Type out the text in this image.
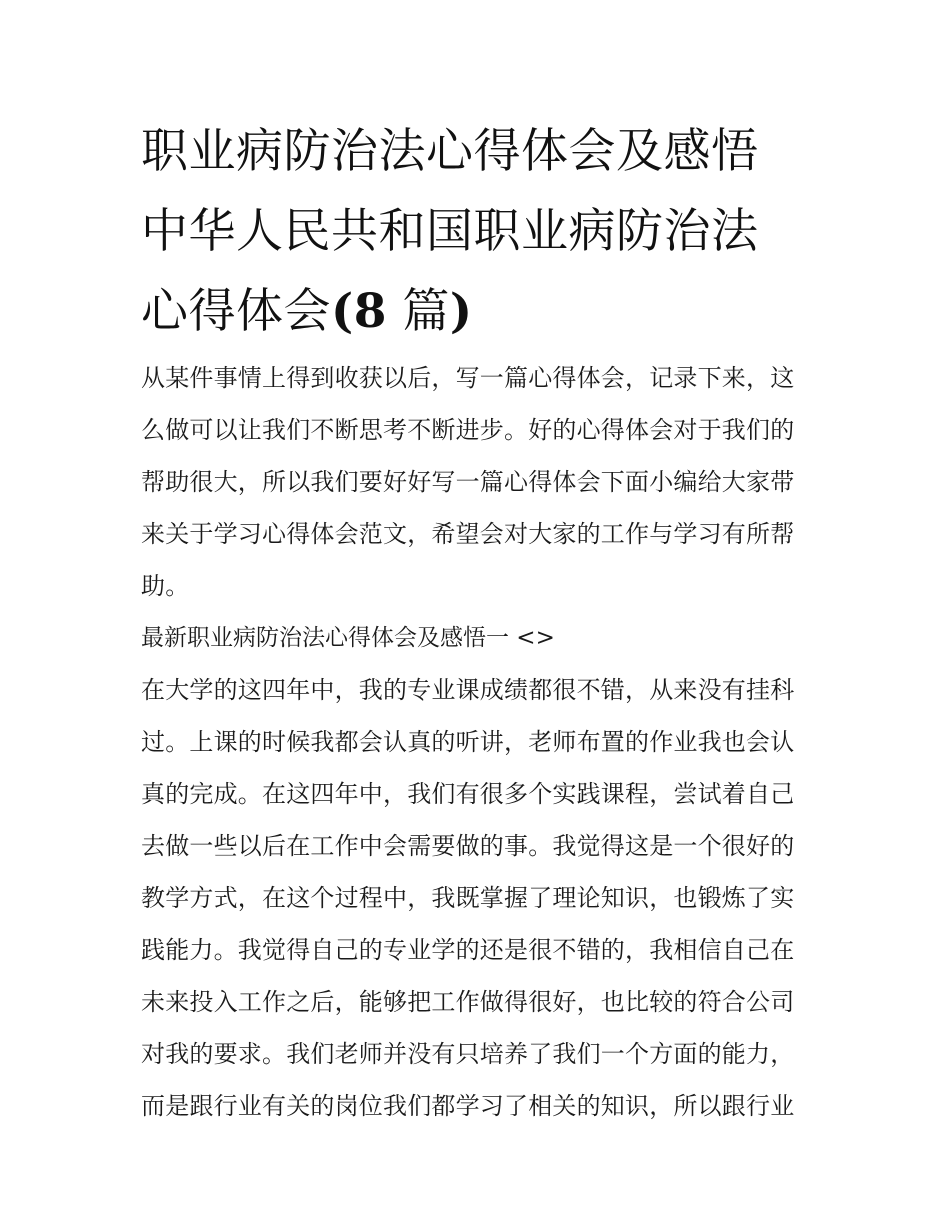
职业病防治法心得体会及感悟
中华人民共和国职业病防治法
心得体会(8 篇)

从某件事情上得到收获以后，写一篇心得体会，记录下来，这
么做可以让我们不断思考不断进步。好的心得体会对于我们的
帮助很大，所以我们要好好写一篇心得体会下面小编给大家带
来关于学习心得体会范文，希望会对大家的工作与学习有所帮
助。

最新职业病防治法心得体会及感悟一 <>

在大学的这四年中，我的专业课成绩都很不错，从来没有挂科
过。上课的时候我都会认真的听讲，老师布置的作业我也会认
真的完成。在这四年中，我们有很多个实践课程，尝试着自己
去做一些以后在工作中会需要做的事。我觉得这是一个很好的
教学方式，在这个过程中，我既掌握了理论知识，也锻炼了实
践能力。我觉得自己的专业学的还是很不错的，我相信自己在
未来投入工作之后，能够把工作做得很好，也比较的符合公司
对我的要求。我们老师并没有只培养了我们一个方面的能力，
而是跟行业有关的岗位我们都学习了相关的知识，所以跟行业
